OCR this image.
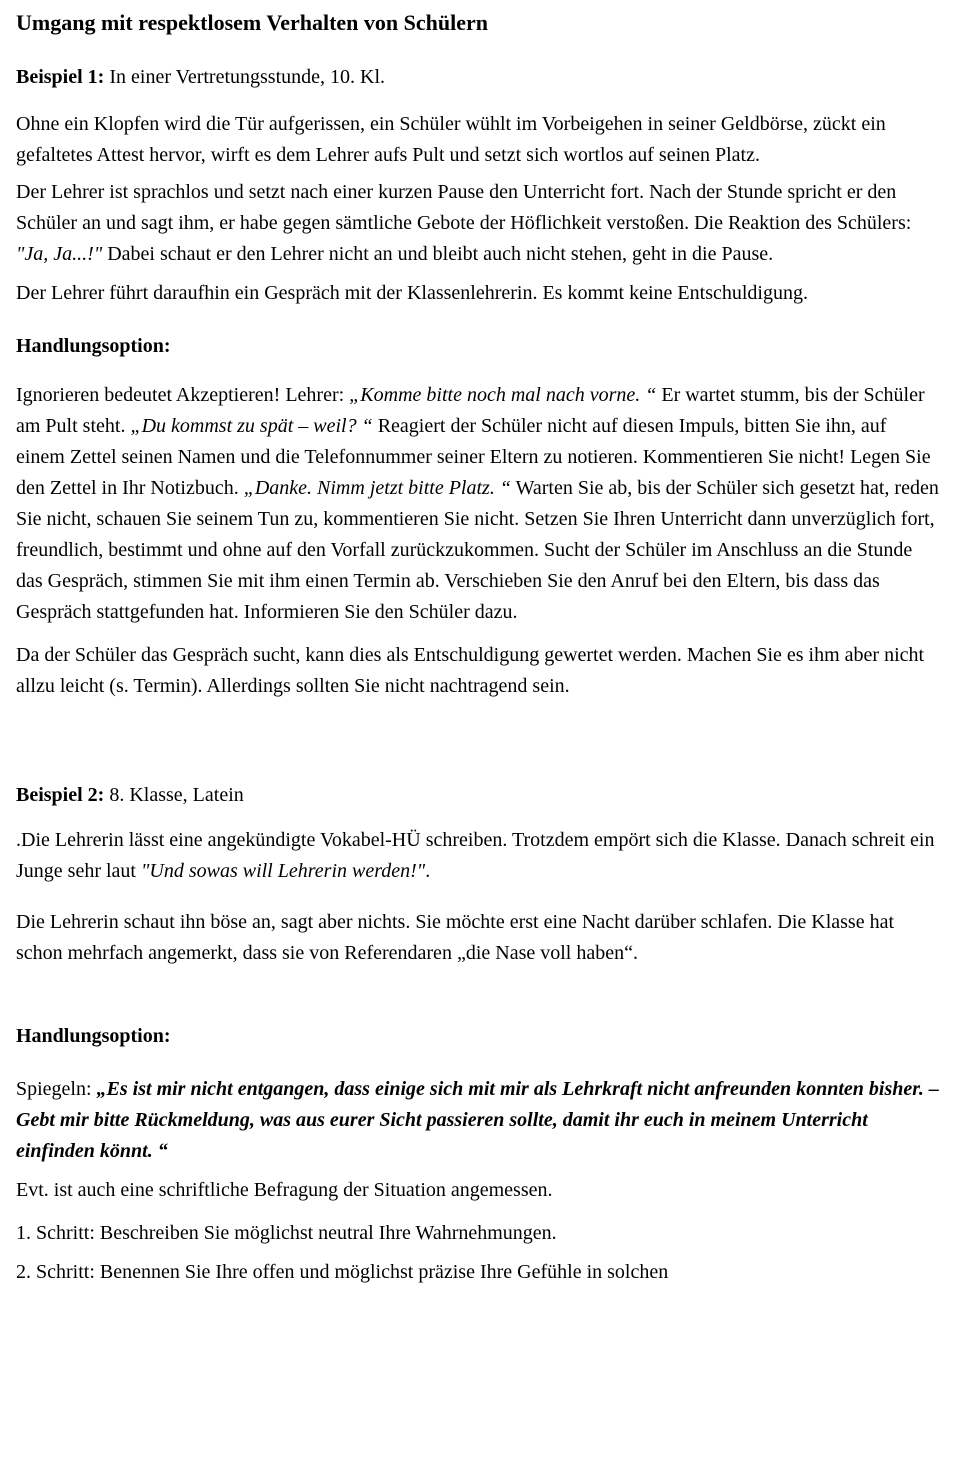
Umgang mit respektlosem Verhalten von Schülern

Beispiel 1: In einer Vertretungsstunde, 10. Kl.

Ohne ein Klopfen wird die Tür aufgerissen, ein Schüler wühlt im Vorbeigehen in seiner Geldbörse, zückt ein gefaltetes Attest hervor, wirft es dem Lehrer aufs Pult und setzt sich wortlos auf seinen Platz.

Der Lehrer ist sprachlos und setzt nach einer kurzen Pause den Unterricht fort. Nach der Stunde spricht er den Schüler an und sagt ihm, er habe gegen sämtliche Gebote der Höflichkeit verstoßen. Die Reaktion des Schülers: "Ja, Ja...!" Dabei schaut er den Lehrer nicht an und bleibt auch nicht stehen, geht in die Pause.

Der Lehrer führt daraufhin ein Gespräch mit der Klassenlehrerin. Es kommt keine Entschuldigung.

Handlungsoption:

Ignorieren bedeutet Akzeptieren! Lehrer: „Komme bitte noch mal nach vorne. “ Er wartet stumm, bis der Schüler am Pult steht. „Du kommst zu spät – weil? “ Reagiert der Schüler nicht auf diesen Impuls, bitten Sie ihn, auf einem Zettel seinen Namen und die Telefonnummer seiner Eltern zu notieren. Kommentieren Sie nicht! Legen Sie den Zettel in Ihr Notizbuch. „Danke. Nimm jetzt bitte Platz. “ Warten Sie ab, bis der Schüler sich gesetzt hat, reden Sie nicht, schauen Sie seinem Tun zu, kommentieren Sie nicht. Setzen Sie Ihren Unterricht dann unverzüglich fort, freundlich, bestimmt und ohne auf den Vorfall zurückzukommen. Sucht der Schüler im Anschluss an die Stunde das Gespräch, stimmen Sie mit ihm einen Termin ab. Verschieben Sie den Anruf bei den Eltern, bis dass das Gespräch stattgefunden hat. Informieren Sie den Schüler dazu.

Da der Schüler das Gespräch sucht, kann dies als Entschuldigung gewertet werden. Machen Sie es ihm aber nicht allzu leicht (s. Termin). Allerdings sollten Sie nicht nachtragend sein.

Beispiel 2: 8. Klasse, Latein

.Die Lehrerin lässt eine angekündigte Vokabel-HÜ schreiben. Trotzdem empört sich die Klasse. Danach schreit ein Junge sehr laut "Und sowas will Lehrerin werden!".

Die Lehrerin schaut ihn böse an, sagt aber nichts. Sie möchte erst eine Nacht darüber schlafen. Die Klasse hat schon mehrfach angemerkt, dass sie von Referendaren „die Nase voll haben“.

Handlungsoption:

Spiegeln: „Es ist mir nicht entgangen, dass einige sich mit mir als Lehrkraft nicht anfreunden konnten bisher. – Gebt mir bitte Rückmeldung, was aus eurer Sicht passieren sollte, damit ihr euch in meinem Unterricht einfinden könnt. “

Evt. ist auch eine schriftliche Befragung der Situation angemessen.

1. Schritt: Beschreiben Sie möglichst neutral Ihre Wahrnehmungen.

2. Schritt: Benennen Sie Ihre offen und möglichst präzise Ihre Gefühle in solchen
